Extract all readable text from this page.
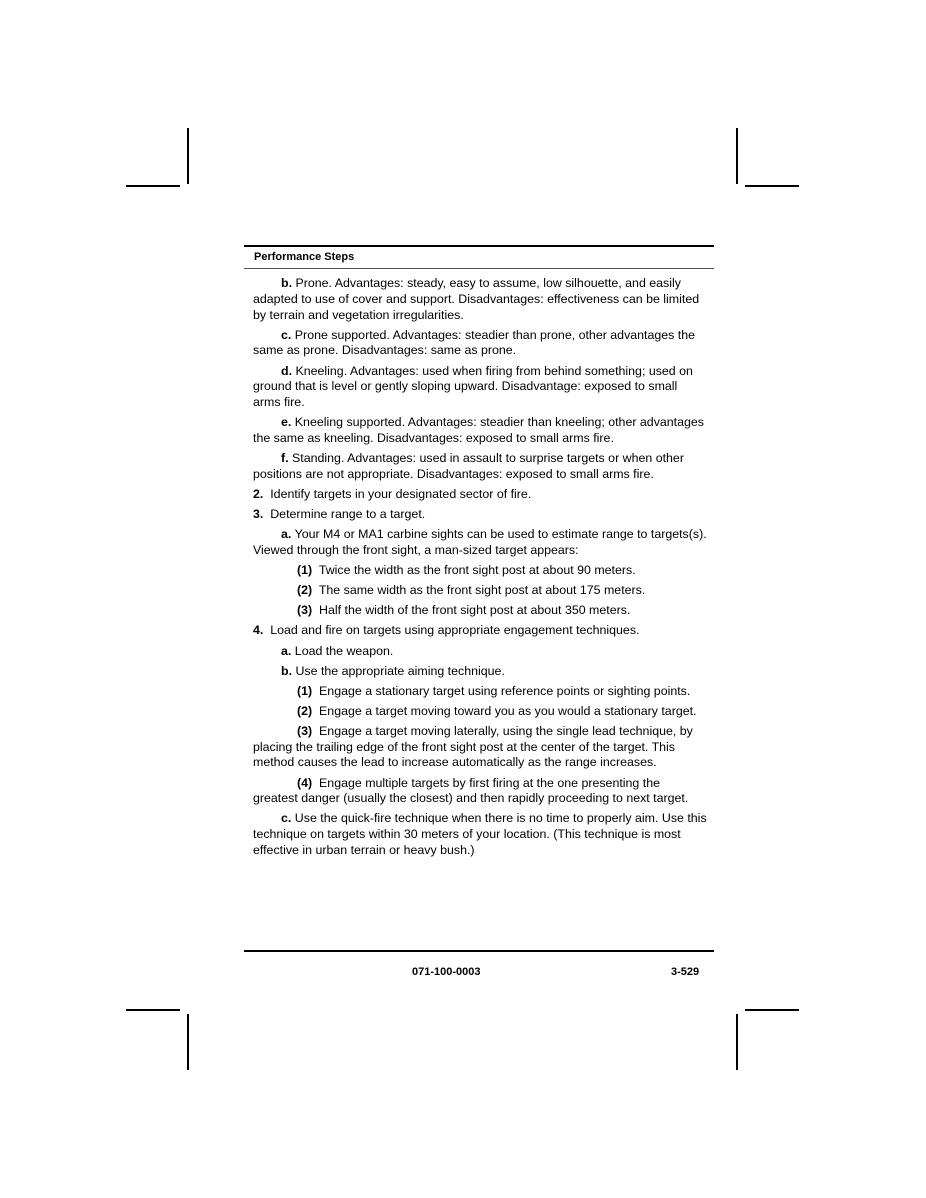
Performance Steps

b. Prone. Advantages: steady, easy to assume, low silhouette, and easily adapted to use of cover and support. Disadvantages: effectiveness can be limited by terrain and vegetation irregularities.

c. Prone supported. Advantages: steadier than prone, other advantages the same as prone. Disadvantages: same as prone.

d. Kneeling. Advantages: used when firing from behind something; used on ground that is level or gently sloping upward. Disadvantage: exposed to small arms fire.

e. Kneeling supported. Advantages: steadier than kneeling; other advantages the same as kneeling. Disadvantages: exposed to small arms fire.

f. Standing. Advantages: used in assault to surprise targets or when other positions are not appropriate. Disadvantages: exposed to small arms fire.

2. Identify targets in your designated sector of fire.

3. Determine range to a target.

a. Your M4 or MA1 carbine sights can be used to estimate range to targets(s). Viewed through the front sight, a man-sized target appears:

(1) Twice the width as the front sight post at about 90 meters.

(2) The same width as the front sight post at about 175 meters.

(3) Half the width of the front sight post at about 350 meters.

4. Load and fire on targets using appropriate engagement techniques.

a. Load the weapon.

b. Use the appropriate aiming technique.

(1) Engage a stationary target using reference points or sighting points.

(2) Engage a target moving toward you as you would a stationary target.

(3) Engage a target moving laterally, using the single lead technique, by placing the trailing edge of the front sight post at the center of the target. This method causes the lead to increase automatically as the range increases.

(4) Engage multiple targets by first firing at the one presenting the greatest danger (usually the closest) and then rapidly proceeding to next target.

c. Use the quick-fire technique when there is no time to properly aim. Use this technique on targets within 30 meters of your location. (This technique is most effective in urban terrain or heavy bush.)

071-100-0003	3-529
